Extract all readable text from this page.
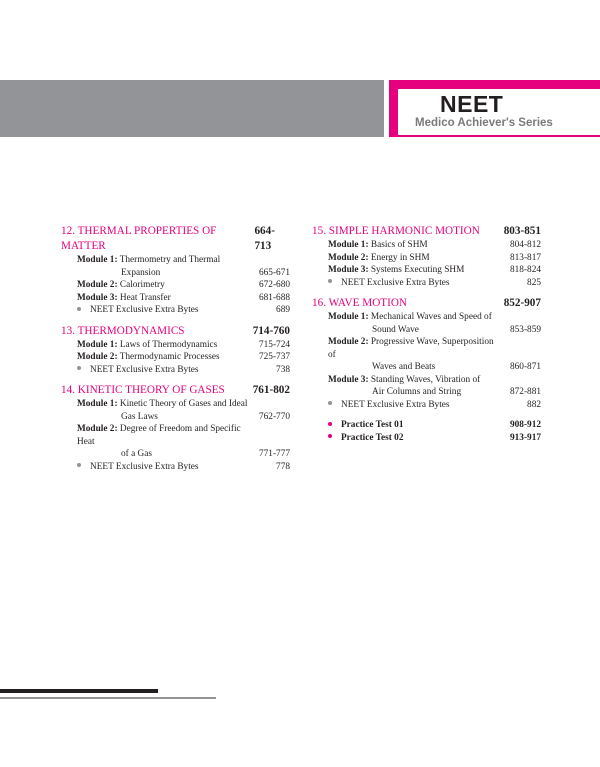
NEET
Medico Achiever's Series
12. THERMAL PROPERTIES OF MATTER
664-713
Module 1: Thermometry and Thermal
Expansion	665-671
Module 2: Calorimetry	672-680
Module 3: Heat Transfer	681-688
NEET Exclusive Extra Bytes	689
13. THERMODYNAMICS	714-760
Module 1: Laws of Thermodynamics	715-724
Module 2: Thermodynamic Processes	725-737
NEET Exclusive Extra Bytes	738
14. KINETIC THEORY OF GASES 761-802
Module 1: Kinetic Theory of Gases and Ideal
Gas Laws	762-770
Module 2: Degree of Freedom and Specific Heat
of a Gas	771-777
NEET Exclusive Extra Bytes	778
15. SIMPLE HARMONIC MOTION 803-851
Module 1: Basics of SHM	804-812
Module 2: Energy in SHM	813-817
Module 3: Systems Executing SHM	818-824
NEET Exclusive Extra Bytes	825
16. WAVE MOTION	852-907
Module 1: Mechanical Waves and Speed of
Sound Wave	853-859
Module 2: Progressive Wave, Superposition of
Waves and Beats	860-871
Module 3: Standing Waves, Vibration of
Air Columns and String	872-881
NEET Exclusive Extra Bytes	882
Practice Test 01	908-912
Practice Test 02	913-917
